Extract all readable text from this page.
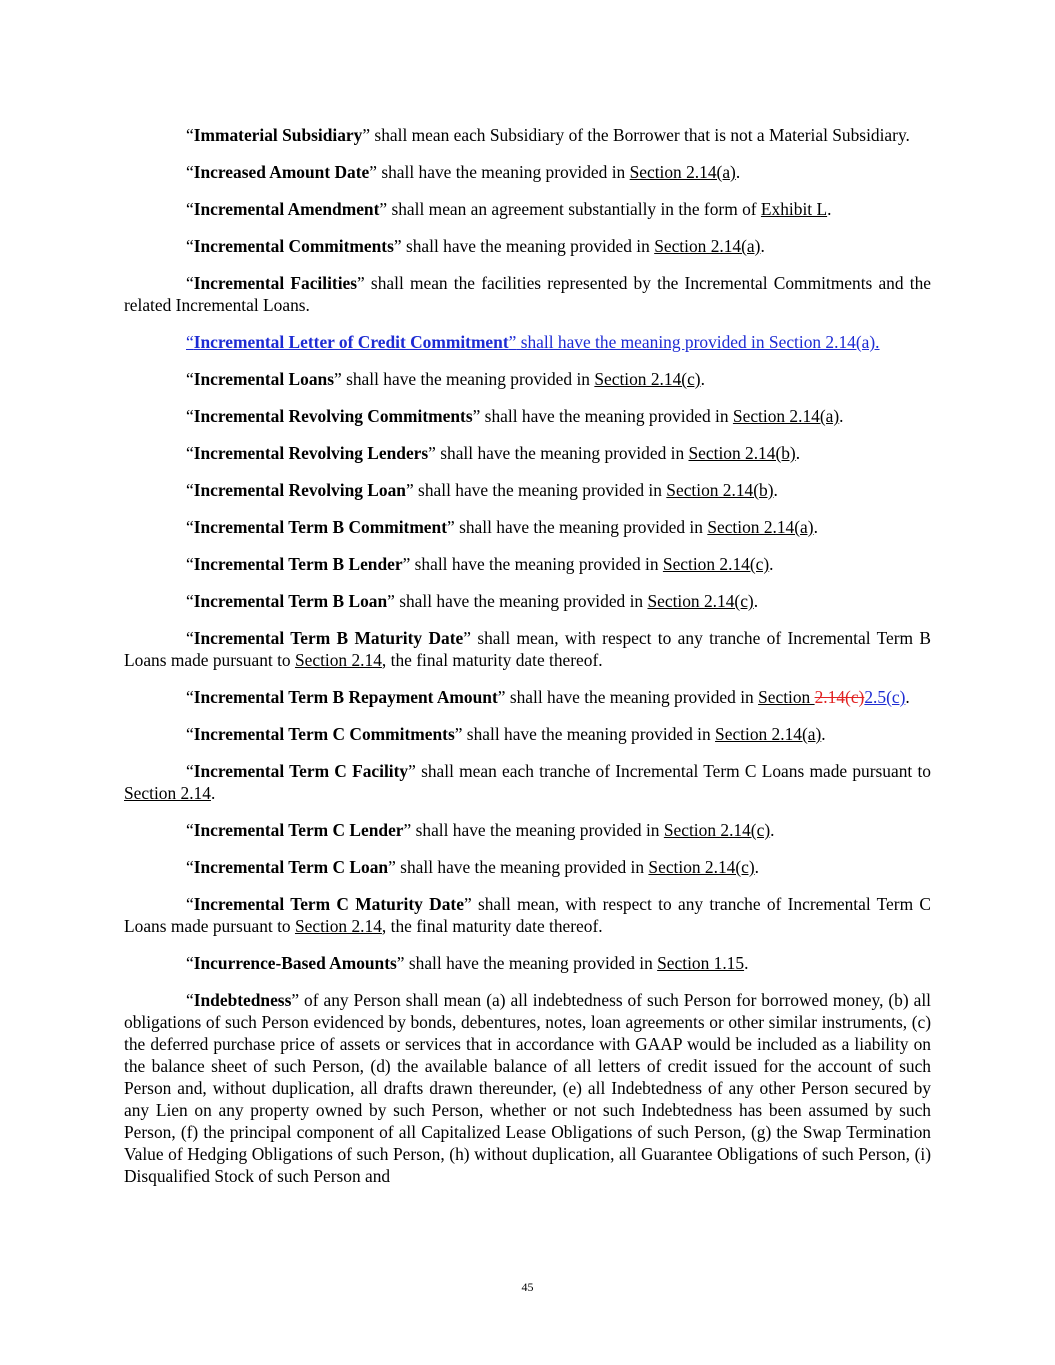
“Immaterial Subsidiary” shall mean each Subsidiary of the Borrower that is not a Material Subsidiary.

“Increased Amount Date” shall have the meaning provided in Section 2.14(a).

“Incremental Amendment” shall mean an agreement substantially in the form of Exhibit L.

“Incremental Commitments” shall have the meaning provided in Section 2.14(a).

“Incremental Facilities” shall mean the facilities represented by the Incremental Commitments and the related Incremental Loans.

“Incremental Letter of Credit Commitment” shall have the meaning provided in Section 2.14(a).

“Incremental Loans” shall have the meaning provided in Section 2.14(c).

“Incremental Revolving Commitments” shall have the meaning provided in Section 2.14(a).

“Incremental Revolving Lenders” shall have the meaning provided in Section 2.14(b).

“Incremental Revolving Loan” shall have the meaning provided in Section 2.14(b).

“Incremental Term B Commitment” shall have the meaning provided in Section 2.14(a).

“Incremental Term B Lender” shall have the meaning provided in Section 2.14(c).

“Incremental Term B Loan” shall have the meaning provided in Section 2.14(c).

“Incremental Term B Maturity Date” shall mean, with respect to any tranche of Incremental Term B Loans made pursuant to Section 2.14, the final maturity date thereof.

“Incremental Term B Repayment Amount” shall have the meaning provided in Section 2.14(c)2.5(c).

“Incremental Term C Commitments” shall have the meaning provided in Section 2.14(a).

“Incremental Term C Facility” shall mean each tranche of Incremental Term C Loans made pursuant to Section 2.14.

“Incremental Term C Lender” shall have the meaning provided in Section 2.14(c).

“Incremental Term C Loan” shall have the meaning provided in Section 2.14(c).

“Incremental Term C Maturity Date” shall mean, with respect to any tranche of Incremental Term C Loans made pursuant to Section 2.14, the final maturity date thereof.

“Incurrence-Based Amounts” shall have the meaning provided in Section 1.15.

“Indebtedness” of any Person shall mean (a) all indebtedness of such Person for borrowed money, (b) all obligations of such Person evidenced by bonds, debentures, notes, loan agreements or other similar instruments, (c) the deferred purchase price of assets or services that in accordance with GAAP would be included as a liability on the balance sheet of such Person, (d) the available balance of all letters of credit issued for the account of such Person and, without duplication, all drafts drawn thereunder, (e) all Indebtedness of any other Person secured by any Lien on any property owned by such Person, whether or not such Indebtedness has been assumed by such Person, (f) the principal component of all Capitalized Lease Obligations of such Person, (g) the Swap Termination Value of Hedging Obligations of such Person, (h) without duplication, all Guarantee Obligations of such Person, (i) Disqualified Stock of such Person and

45
